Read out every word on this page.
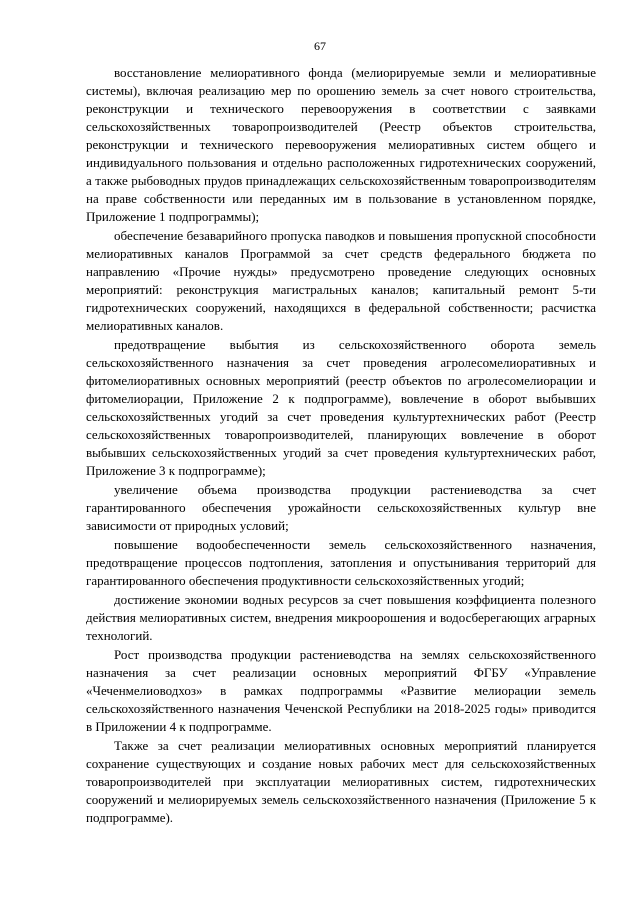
67

восстановление мелиоративного фонда (мелиорируемые земли и мелиоративные системы), включая реализацию мер по орошению земель за счет нового строительства, реконструкции и технического перевооружения в соответствии с заявками сельскохозяйственных товаропроизводителей (Реестр объектов строительства, реконструкции и технического перевооружения мелиоративных систем общего и индивидуального пользования и отдельно расположенных гидротехнических сооружений, а также рыбоводных прудов принадлежащих сельскохозяйственным товаропроизводителям на праве собственности или переданных им в пользование в установленном порядке, Приложение 1 подпрограммы);

обеспечение безаварийного пропуска паводков и повышения пропускной способности мелиоративных каналов Программой за счет средств федерального бюджета по направлению «Прочие нужды» предусмотрено проведение следующих основных мероприятий: реконструкция магистральных каналов; капитальный ремонт 5-ти гидротехнических сооружений, находящихся в федеральной собственности; расчистка мелиоративных каналов.

предотвращение выбытия из сельскохозяйственного оборота земель сельскохозяйственного назначения за счет проведения агролесомелиоративных и фитомелиоративных основных мероприятий (реестр объектов по агролесомелиорации и фитомелиорации, Приложение 2 к подпрограмме), вовлечение в оборот выбывших сельскохозяйственных угодий за счет проведения культуртехнических работ (Реестр сельскохозяйственных товаропроизводителей, планирующих вовлечение в оборот выбывших сельскохозяйственных угодий за счет проведения культуртехнических работ, Приложение 3 к подпрограмме);

увеличение объема производства продукции растениеводства за счет гарантированного обеспечения урожайности сельскохозяйственных культур вне зависимости от природных условий;

повышение водообеспеченности земель сельскохозяйственного назначения, предотвращение процессов подтопления, затопления и опустынивания территорий для гарантированного обеспечения продуктивности сельскохозяйственных угодий;

достижение экономии водных ресурсов за счет повышения коэффициента полезного действия мелиоративных систем, внедрения микроорошения и водосберегающих аграрных технологий.

Рост производства продукции растениеводства на землях сельскохозяйственного назначения за счет реализации основных мероприятий ФГБУ «Управление «Чеченмелиоводхоз» в рамках подпрограммы «Развитие мелиорации земель сельскохозяйственного назначения Чеченской Республики на 2018-2025 годы» приводится в Приложении 4 к подпрограмме.

Также за счет реализации мелиоративных основных мероприятий планируется сохранение существующих и создание новых рабочих мест для сельскохозяйственных товаропроизводителей при эксплуатации мелиоративных систем, гидротехнических сооружений и мелиорируемых земель сельскохозяйственного назначения (Приложение 5 к подпрограмме).
